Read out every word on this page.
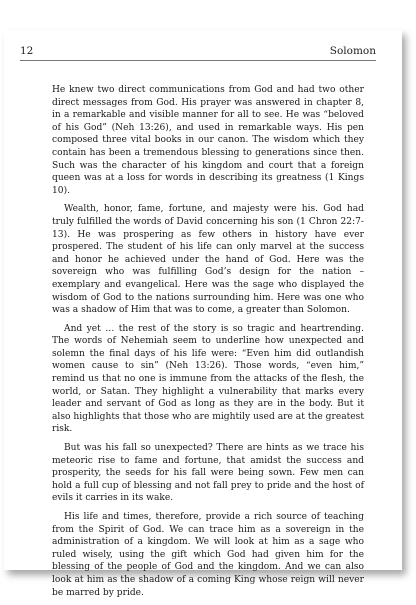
12	Solomon

He knew two direct communications from God and had two other direct messages from God. His prayer was answered in chapter 8, in a remarkable and visible manner for all to see. He was “beloved of his God” (Neh 13:26), and used in remarkable ways. His pen composed three vital books in our canon. The wisdom which they contain has been a tremendous blessing to generations since then. Such was the character of his kingdom and court that a foreign queen was at a loss for words in describing its greatness (1 Kings 10).

Wealth, honor, fame, fortune, and majesty were his. God had truly fulfilled the words of David concerning his son (1 Chron 22:7-13). He was prospering as few others in history have ever prospered. The student of his life can only marvel at the success and honor he achieved under the hand of God. Here was the sovereign who was fulfilling God’s design for the nation – exemplary and evangelical. Here was the sage who displayed the wisdom of God to the nations surrounding him. Here was one who was a shadow of Him that was to come, a greater than Solomon.

And yet … the rest of the story is so tragic and heartrending. The words of Nehemiah seem to underline how unexpected and solemn the final days of his life were: “Even him did outlandish women cause to sin” (Neh 13:26). Those words, “even him,” remind us that no one is immune from the attacks of the flesh, the world, or Satan. They highlight a vulnerability that marks every leader and servant of God as long as they are in the body. But it also highlights that those who are mightily used are at the greatest risk.

But was his fall so unexpected? There are hints as we trace his meteoric rise to fame and fortune, that amidst the success and prosperity, the seeds for his fall were being sown. Few men can hold a full cup of blessing and not fall prey to pride and the host of evils it carries in its wake.

His life and times, therefore, provide a rich source of teaching from the Spirit of God. We can trace him as a sovereign in the administration of a kingdom. We will look at him as a sage who ruled wisely, using the gift which God had given him for the blessing of the people of God and the kingdom. And we can also look at him as the shadow of a coming King whose reign will never be marred by pride.
